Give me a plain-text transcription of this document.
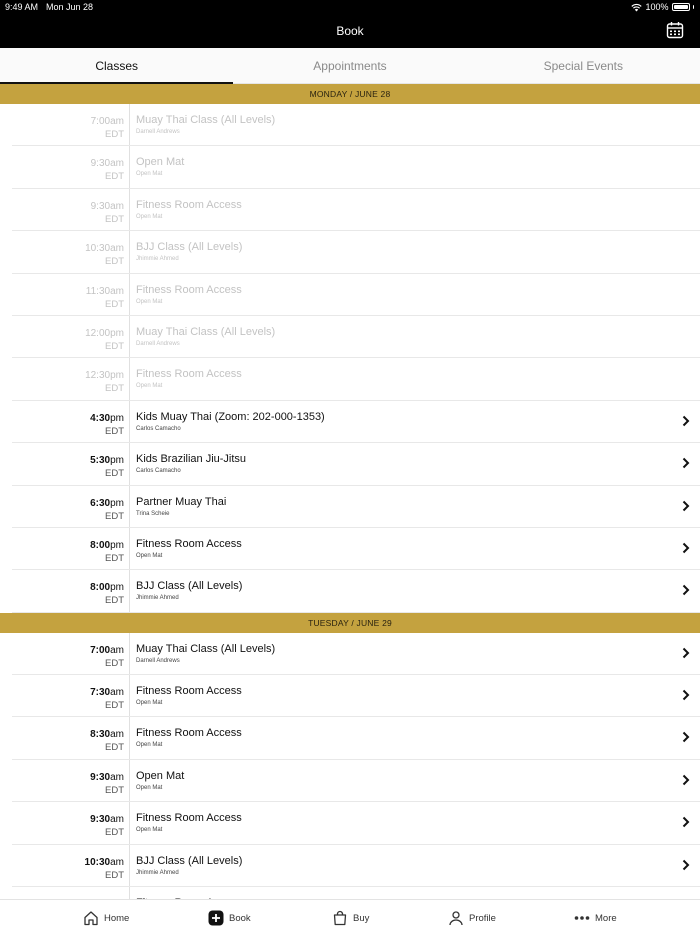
9:49 AM Mon Jun 28	100%
Book
Classes	Appointments	Special Events
MONDAY / JUNE 28
7:00am
EDT
Muay Thai Class (All Levels)
Darnell Andrews
9:30am
EDT
Open Mat
Open Mat
9:30am
EDT
Fitness Room Access
Open Mat
10:30am
EDT
BJJ Class (All Levels)
Jhimmie Ahmed
11:30am
EDT
Fitness Room Access
Open Mat
12:00pm
EDT
Muay Thai Class (All Levels)
Darnell Andrews
12:30pm
EDT
Fitness Room Access
Open Mat
4:30pm
EDT
Kids Muay Thai (Zoom: 202-000-1353)
Carlos Camacho
5:30pm
EDT
Kids Brazilian Jiu-Jitsu
Carlos Camacho
6:30pm
EDT
Partner Muay Thai
Trina Scheie
8:00pm
EDT
Fitness Room Access
Open Mat
8:00pm
EDT
BJJ Class (All Levels)
Jhimmie Ahmed
TUESDAY / JUNE 29
7:00am
EDT
Muay Thai Class (All Levels)
Darnell Andrews
7:30am
EDT
Fitness Room Access
Open Mat
8:30am
EDT
Fitness Room Access
Open Mat
9:30am
EDT
Open Mat
Open Mat
9:30am
EDT
Fitness Room Access
Open Mat
10:30am
EDT
BJJ Class (All Levels)
Jhimmie Ahmed
Home	Book	Buy	Profile	More
